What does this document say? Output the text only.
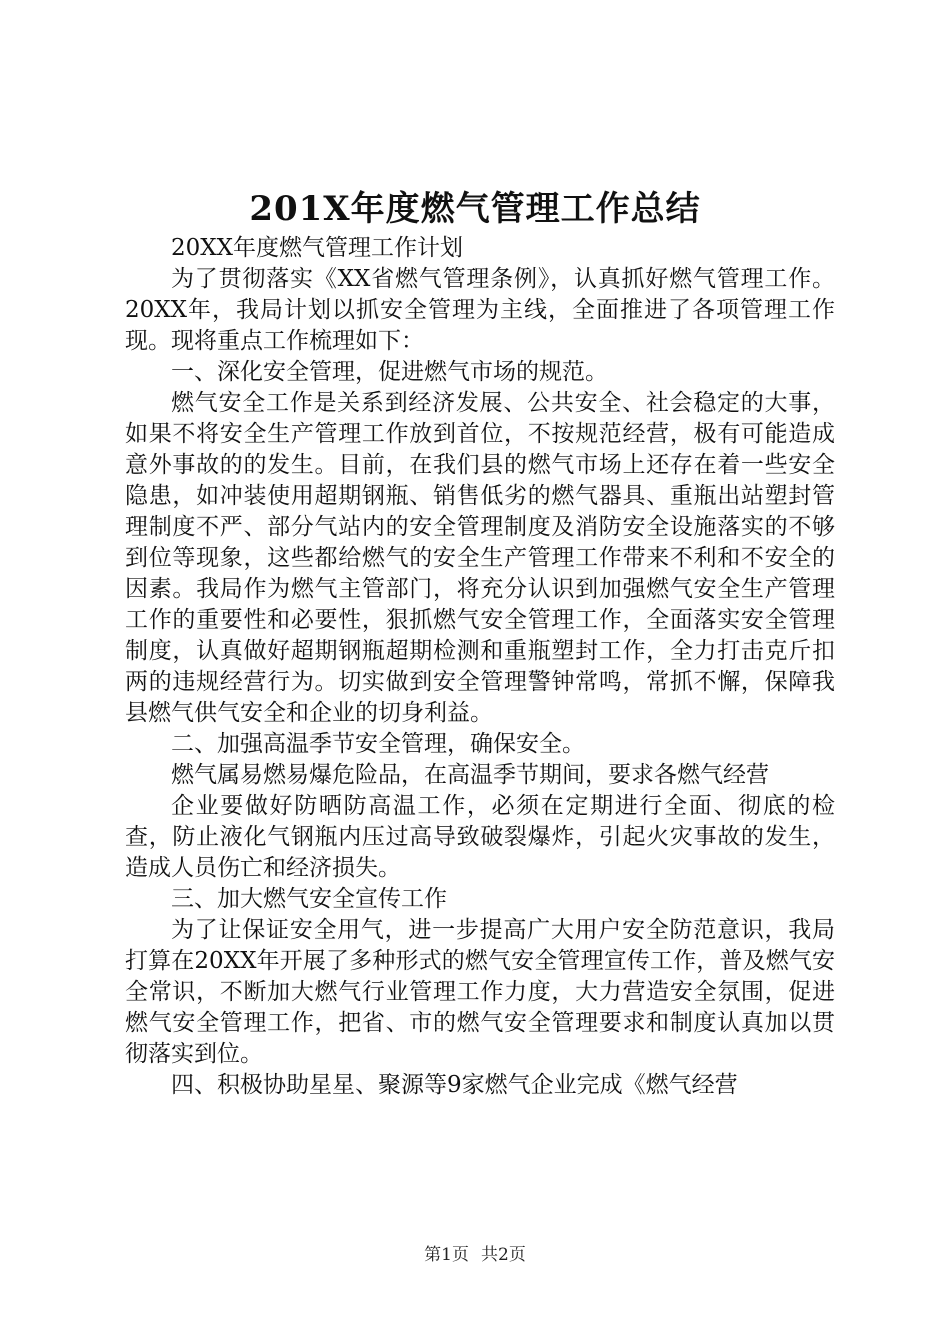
201X年度燃气管理工作总结

20XX年度燃气管理工作计划

为了贯彻落实《XX省燃气管理条例》，认真抓好燃气管理工作。20XX年，我局计划以抓安全管理为主线，全面推进了各项管理工作现。现将重点工作梳理如下：

一、深化安全管理，促进燃气市场的规范。

燃气安全工作是关系到经济发展、公共安全、社会稳定的大事，如果不将安全生产管理工作放到首位，不按规范经营，极有可能造成意外事故的的发生。目前，在我们县的燃气市场上还存在着一些安全隐患，如冲装使用超期钢瓶、销售低劣的燃气器具、重瓶出站塑封管理制度不严、部分气站内的安全管理制度及消防安全设施落实的不够到位等现象，这些都给燃气的安全生产管理工作带来不利和不安全的因素。我局作为燃气主管部门，将充分认识到加强燃气安全生产管理工作的重要性和必要性，狠抓燃气安全管理工作，全面落实安全管理制度，认真做好超期钢瓶超期检测和重瓶塑封工作，全力打击克斤扣两的违规经营行为。切实做到安全管理警钟常鸣，常抓不懈，保障我县燃气供气安全和企业的切身利益。

二、加强高温季节安全管理，确保安全。

燃气属易燃易爆危险品，在高温季节期间，要求各燃气经营

企业要做好防晒防高温工作，必须在定期进行全面、彻底的检查，防止液化气钢瓶内压过高导致破裂爆炸，引起火灾事故的发生，造成人员伤亡和经济损失。

三、加大燃气安全宣传工作

为了让保证安全用气，进一步提高广大用户安全防范意识，我局打算在20XX年开展了多种形式的燃气安全管理宣传工作，普及燃气安全常识，不断加大燃气行业管理工作力度，大力营造安全氛围，促进燃气安全管理工作，把省、市的燃气安全管理要求和制度认真加以贯彻落实到位。

四、积极协助星星、聚源等9家燃气企业完成《燃气经营

第1页 共2页
